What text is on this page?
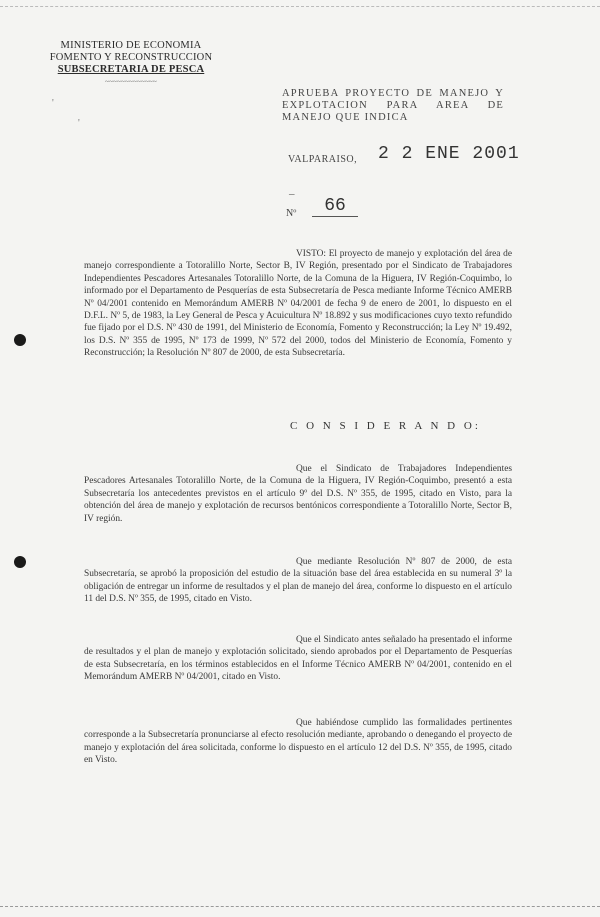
MINISTERIO DE ECONOMIA
FOMENTO Y RECONSTRUCCION
SUBSECRETARIA DE PESCA
~~~~~~~~~~~~~
'
'
APRUEBA PROYECTO DE MANEJO Y EXPLOTACION PARA AREA DE MANEJO QUE INDICA
VALPARAISO, 2 2 ENE 2001
–
Nº	66
VISTO: El proyecto de manejo y explotación del área de manejo correspondiente a Totoralillo Norte, Sector B, IV Región, presentado por el Sindicato de Trabajadores Independientes Pescadores Artesanales Totoralillo Norte, de la Comuna de la Higuera, IV Región-Coquimbo, lo informado por el Departamento de Pesquerías de esta Subsecretaría de Pesca mediante Informe Técnico AMERB Nº 04/2001 contenido en Memorándum AMERB Nº 04/2001 de fecha 9 de enero de 2001, lo dispuesto en el D.F.L. Nº 5, de 1983, la Ley General de Pesca y Acuicultura Nº 18.892 y sus modificaciones cuyo texto refundido fue fijado por el D.S. Nº 430 de 1991, del Ministerio de Economía, Fomento y Reconstrucción; la Ley Nº 19.492, los D.S. Nº 355 de 1995, Nº 173 de 1999, Nº 572 del 2000, todos del Ministerio de Economía, Fomento y Reconstrucción; la Resolución Nº 807 de 2000, de esta Subsecretaría.
C O N S I D E R A N D O:
Que el Sindicato de Trabajadores Independientes Pescadores Artesanales Totoralillo Norte, de la Comuna de la Higuera, IV Región-Coquimbo, presentó a esta Subsecretaría los antecedentes previstos en el artículo 9º del D.S. Nº 355, de 1995, citado en Visto, para la obtención del área de manejo y explotación de recursos bentónicos correspondiente a Totoralillo Norte, Sector B, IV región.
Que mediante Resolución Nº 807 de 2000, de esta Subsecretaría, se aprobó la proposición del estudio de la situación base del área establecida en su numeral 3º la obligación de entregar un informe de resultados y el plan de manejo del área, conforme lo dispuesto en el artículo 11 del D.S. Nº 355, de 1995, citado en Visto.
Que el Sindicato antes señalado ha presentado el informe de resultados y el plan de manejo y explotación solicitado, siendo aprobados por el Departamento de Pesquerías de esta Subsecretaría, en los términos establecidos en el Informe Técnico AMERB Nº 04/2001, contenido en el Memorándum AMERB Nº 04/2001, citado en Visto.
Que habiéndose cumplido las formalidades pertinentes corresponde a la Subsecretaría pronunciarse al efecto resolución mediante, aprobando o denegando el proyecto de manejo y explotación del área solicitada, conforme lo dispuesto en el artículo 12 del D.S. Nº 355, de 1995, citado en Visto.
